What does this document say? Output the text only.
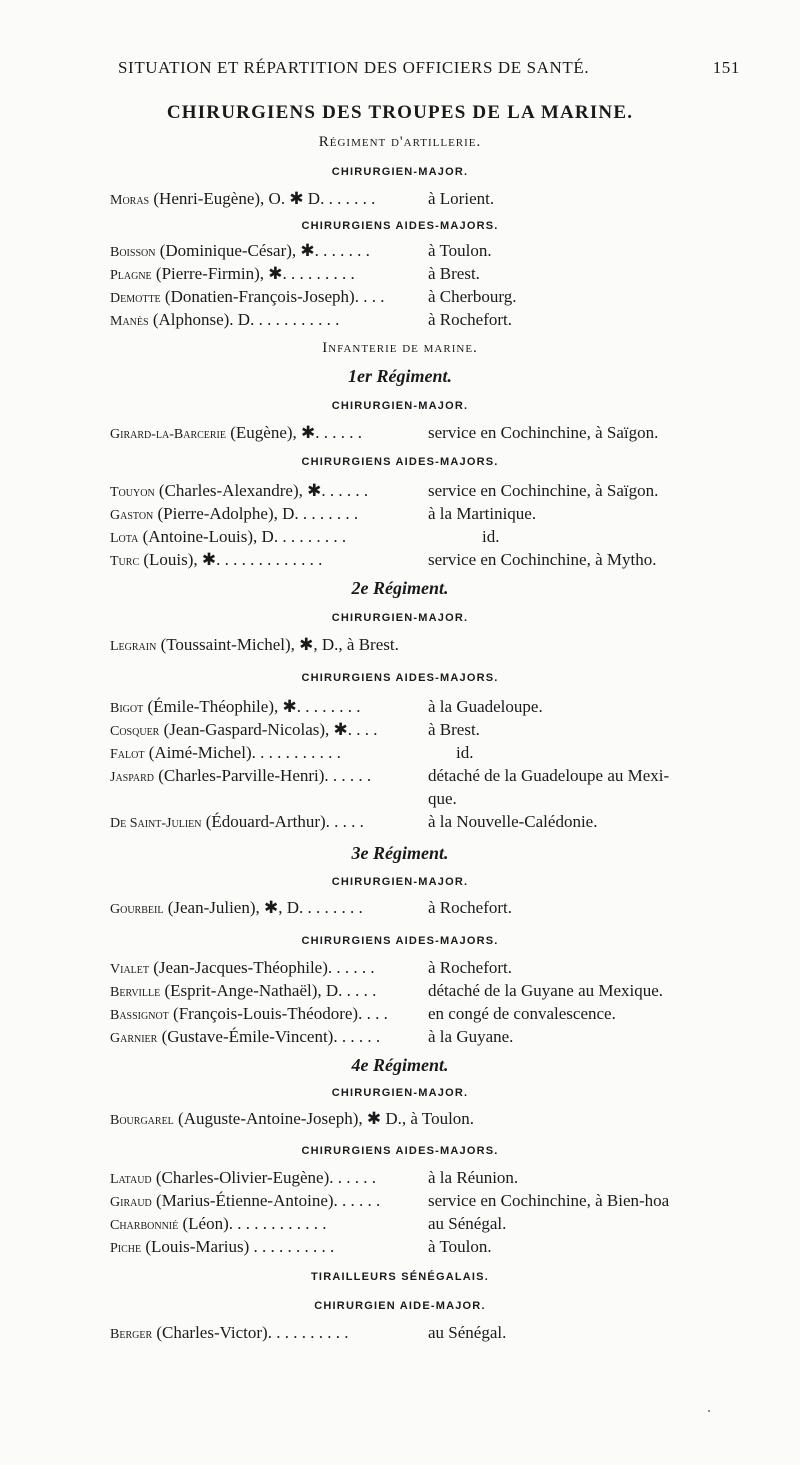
SITUATION ET RÉPARTITION DES OFFICIERS DE SANTÉ.	151
CHIRURGIENS DES TROUPES DE LA MARINE.
Régiment d'artillerie.
CHIRURGIEN-MAJOR.
Moras (Henri-Eugène), O. ✱ D. . . . . . .	à Lorient.
CHIRURGIENS AIDES-MAJORS.
Boisson (Dominique-César), ✱. . . . . . .	à Toulon.
Plagne (Pierre-Firmin), ✱. . . . . . . . .	à Brest.
Demotte (Donatien-François-Joseph). . . .	à Cherbourg.
Manès (Alphonse). D. . . . . . . . . . .	à Rochefort.
Infanterie de marine.
1er Régiment.
CHIRURGIEN-MAJOR.
Girard-la-Barcerie (Eugène), ✱. . . . . .	service en Cochinchine, à Saïgon.
CHIRURGIENS AIDES-MAJORS.
Touyon (Charles-Alexandre), ✱. . . . . .	service en Cochinchine, à Saïgon.
Gaston (Pierre-Adolphe), D. . . . . . . .	à la Martinique.
Lota (Antoine-Louis), D. . . . . . . . .	id.
Turc (Louis), ✱. . . . . . . . . . . . .	service en Cochinchine, à Mytho.
2e Régiment.
CHIRURGIEN-MAJOR.
Legrain (Toussaint-Michel), ✱, D., à Brest.
CHIRURGIENS AIDES-MAJORS.
Bigot (Émile-Théophile), ✱. . . . . . . .	à la Guadeloupe.
Cosquer (Jean-Gaspard-Nicolas), ✱. . . .	à Brest.
Falot (Aimé-Michel). . . . . . . . . . .	id.
Jaspard (Charles-Parville-Henri). . . . . .	détaché de la Guadeloupe au Mexi-
que.
De Saint-Julien (Édouard-Arthur). . . . .	à la Nouvelle-Calédonie.
3e Régiment.
CHIRURGIEN-MAJOR.
Gourbeil (Jean-Julien), ✱, D. . . . . . . .	à Rochefort.
CHIRURGIENS AIDES-MAJORS.
Vialet (Jean-Jacques-Théophile). . . . . .	à Rochefort.
Berville (Esprit-Ange-Nathaël), D. . . . .	détaché de la Guyane au Mexique.
Bassignot (François-Louis-Théodore). . . . en congé de convalescence.
Garnier (Gustave-Émile-Vincent). . . . . .	à la Guyane.
4e Régiment.
CHIRURGIEN-MAJOR.
Bourgarel (Auguste-Antoine-Joseph), ✱ D., à Toulon.
CHIRURGIENS AIDES-MAJORS.
Lataud (Charles-Olivier-Eugène). . . . . .	à la Réunion.
Giraud (Marius-Étienne-Antoine). . . . . .	service en Cochinchine, à Bien-hoa
Charbonnié (Léon). . . . . . . . . . . .	au Sénégal.
Piche (Louis-Marius) . . . . . . . . . .	à Toulon.
TIRAILLEURS SÉNÉGALAIS.
CHIRURGIEN AIDE-MAJOR.
Berger (Charles-Victor). . . . . . . . . .	au Sénégal.
